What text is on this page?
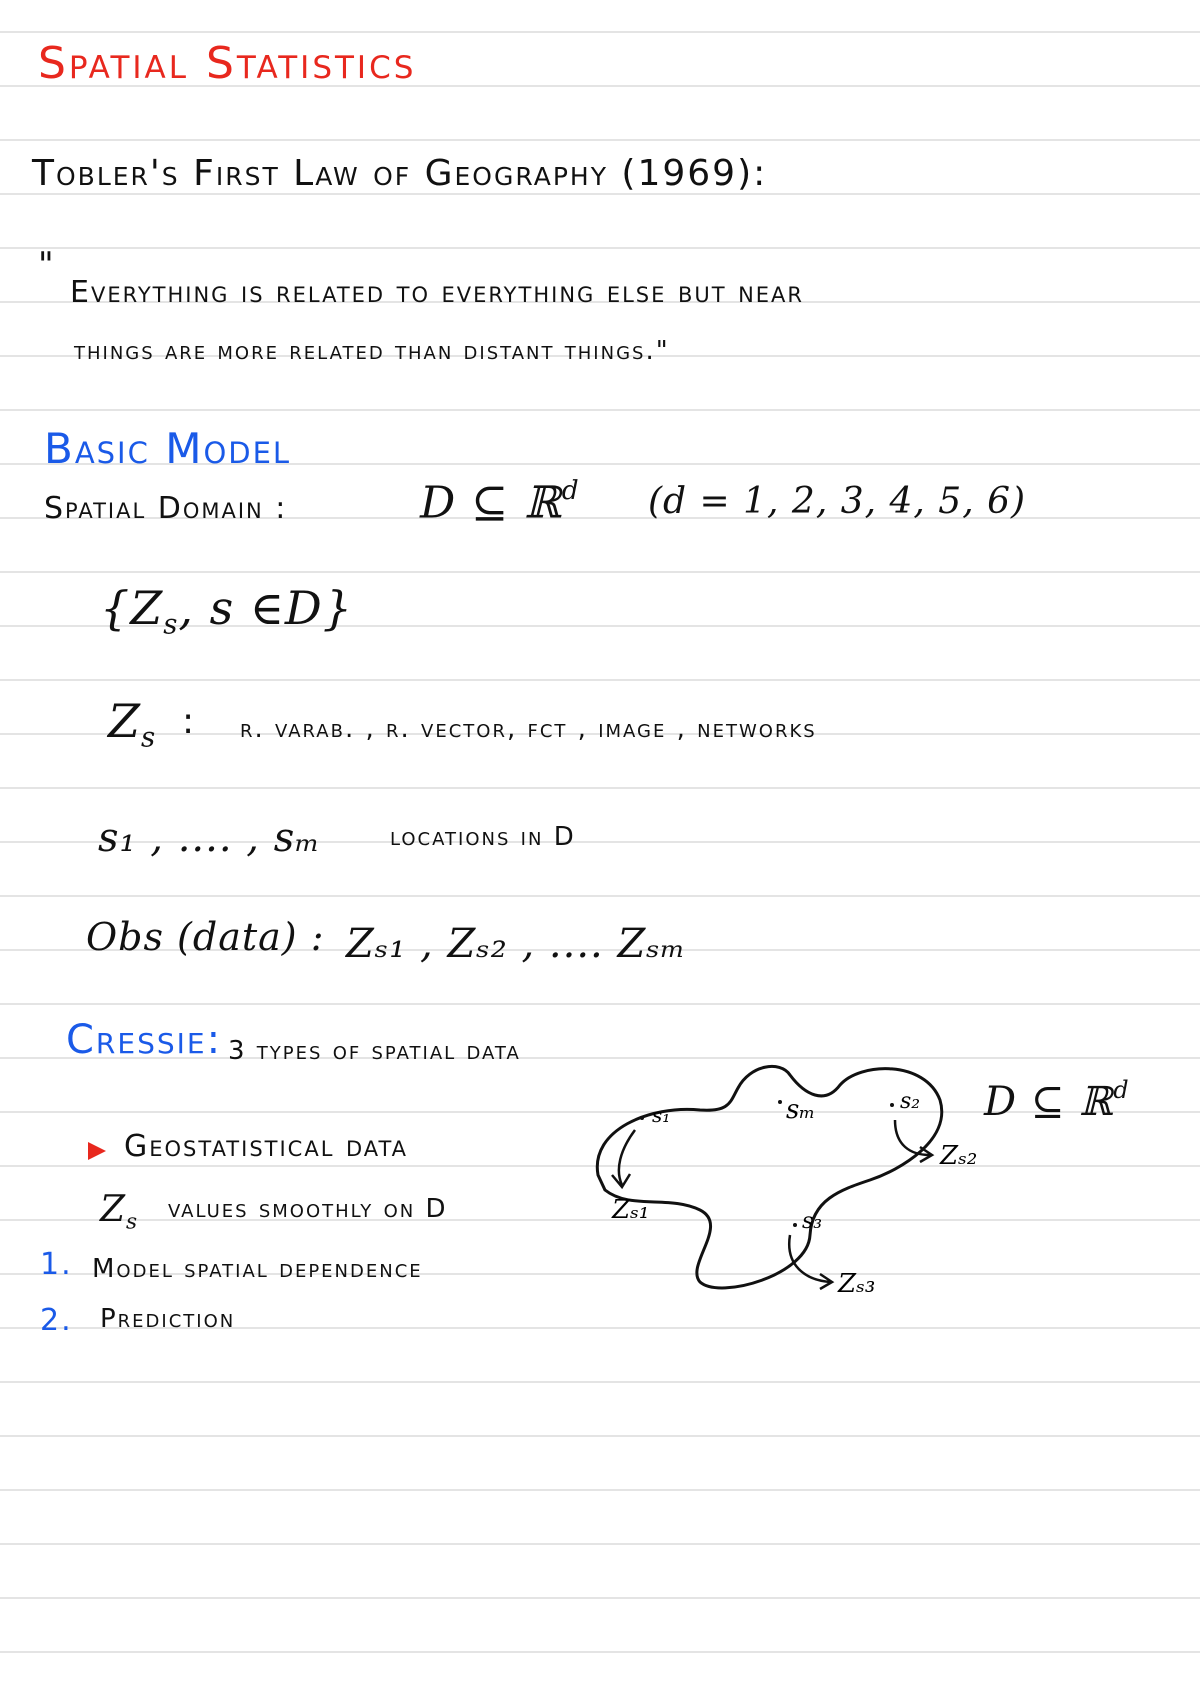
Spatial Statistics
Tobler's First Law of Geography (1969):
"
Everything is related to everything else but near
things are more related than distant things."
Basic Model
Spatial Domain :	D ⊆ ℝ$^d$ (d = 1, 2, 3, 4, 5, 6)
{$Z_s$, s ∈D}
$Z_s$ : r. varab. , r. vector, fct , image , networks
s₁ , .... , sₘ	locations in D
Obs (data) : Zₛ₁ , Zₛ₂ , .... Zₛₘ
Cressie: 3 types of spatial data
Geostatistical data
$Z_s$ values smoothly on D
1. Model spatial dependence
2. Prediction
D ⊆ ℝ$^d$
s₁	sₘ	s₂
s₃
Zₛ₁
Zₛ₂
Zₛ₃
